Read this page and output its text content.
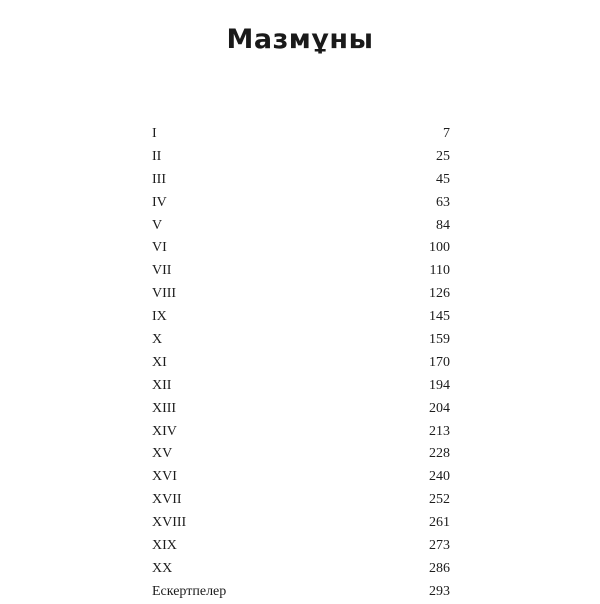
Мазмұны
I	7
II	25
III	45
IV	63
V	84
VI	100
VII	110
VIII	126
IX	145
X	159
XI	170
XII	194
XIII	204
XIV	213
XV	228
XVI	240
XVII	252
XVIII	261
XIX	273
XX	286
Ескертпелер	293
